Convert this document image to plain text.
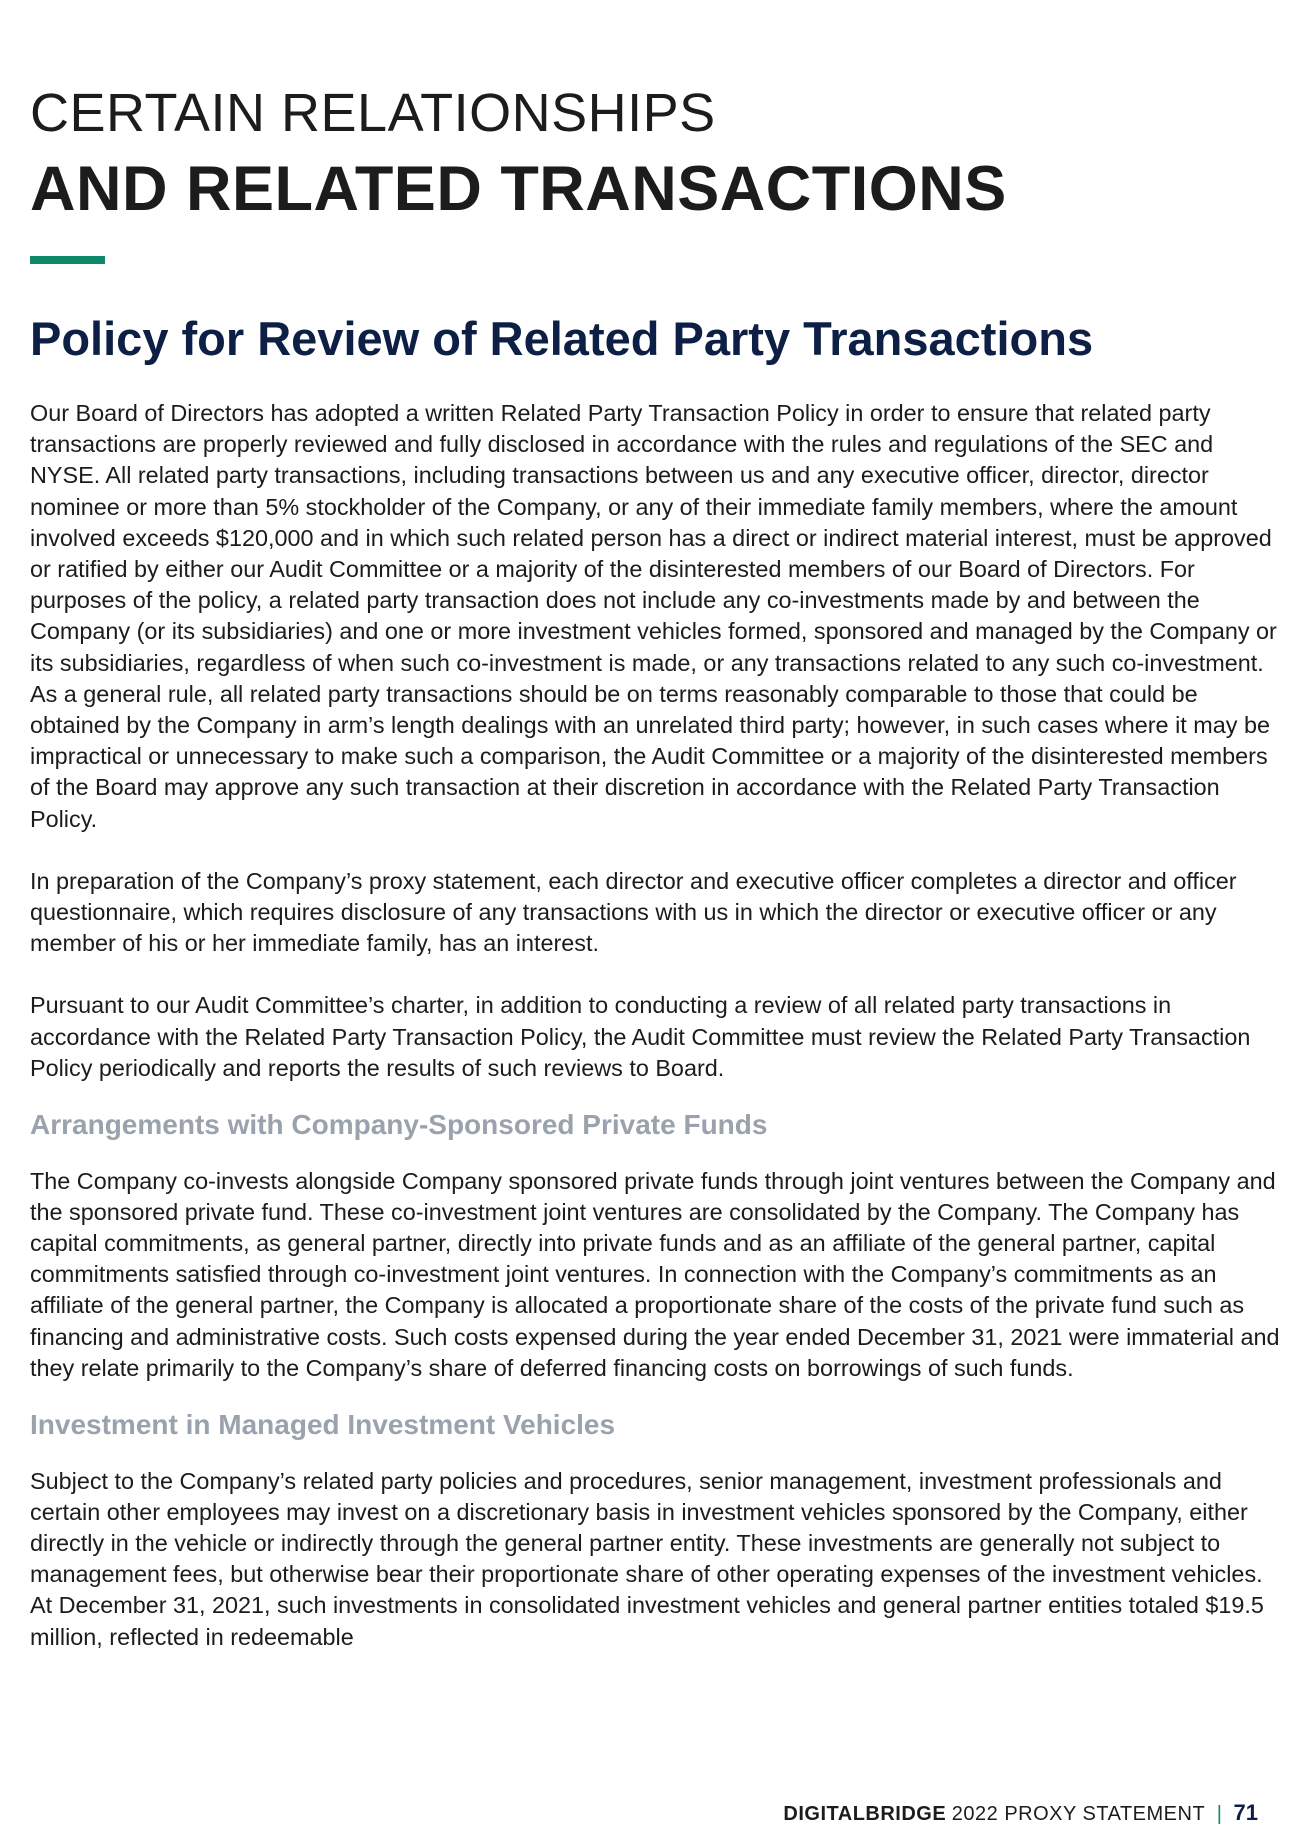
CERTAIN RELATIONSHIPS
AND RELATED TRANSACTIONS
Policy for Review of Related Party Transactions

Our Board of Directors has adopted a written Related Party Transaction Policy in order to ensure that related party transactions are properly reviewed and fully disclosed in accordance with the rules and regulations of the SEC and NYSE. All related party transactions, including transactions between us and any executive officer, director, director nominee or more than 5% stockholder of the Company, or any of their immediate family members, where the amount involved exceeds $120,000 and in which such related person has a direct or indirect material interest, must be approved or ratified by either our Audit Committee or a majority of the disinterested members of our Board of Directors. For purposes of the policy, a related party transaction does not include any co-investments made by and between the Company (or its subsidiaries) and one or more investment vehicles formed, sponsored and managed by the Company or its subsidiaries, regardless of when such co-investment is made, or any transactions related to any such co-investment. As a general rule, all related party transactions should be on terms reasonably comparable to those that could be obtained by the Company in arm’s length dealings with an unrelated third party; however, in such cases where it may be impractical or unnecessary to make such a comparison, the Audit Committee or a majority of the disinterested members of the Board may approve any such transaction at their discretion in accordance with the Related Party Transaction Policy.

In preparation of the Company’s proxy statement, each director and executive officer completes a director and officer questionnaire, which requires disclosure of any transactions with us in which the director or executive officer or any member of his or her immediate family, has an interest.

Pursuant to our Audit Committee’s charter, in addition to conducting a review of all related party transactions in accordance with the Related Party Transaction Policy, the Audit Committee must review the Related Party Transaction Policy periodically and reports the results of such reviews to Board.

Arrangements with Company-Sponsored Private Funds

The Company co-invests alongside Company sponsored private funds through joint ventures between the Company and the sponsored private fund. These co-investment joint ventures are consolidated by the Company. The Company has capital commitments, as general partner, directly into private funds and as an affiliate of the general partner, capital commitments satisfied through co-investment joint ventures. In connection with the Company’s commitments as an affiliate of the general partner, the Company is allocated a proportionate share of the costs of the private fund such as financing and administrative costs. Such costs expensed during the year ended December 31, 2021 were immaterial and they relate primarily to the Company’s share of deferred financing costs on borrowings of such funds.

Investment in Managed Investment Vehicles

Subject to the Company’s related party policies and procedures, senior management, investment professionals and certain other employees may invest on a discretionary basis in investment vehicles sponsored by the Company, either directly in the vehicle or indirectly through the general partner entity. These investments are generally not subject to management fees, but otherwise bear their proportionate share of other operating expenses of the investment vehicles. At December 31, 2021, such investments in consolidated investment vehicles and general partner entities totaled $19.5 million, reflected in redeemable

DIGITALBRIDGE 2022 PROXY STATEMENT | 71
